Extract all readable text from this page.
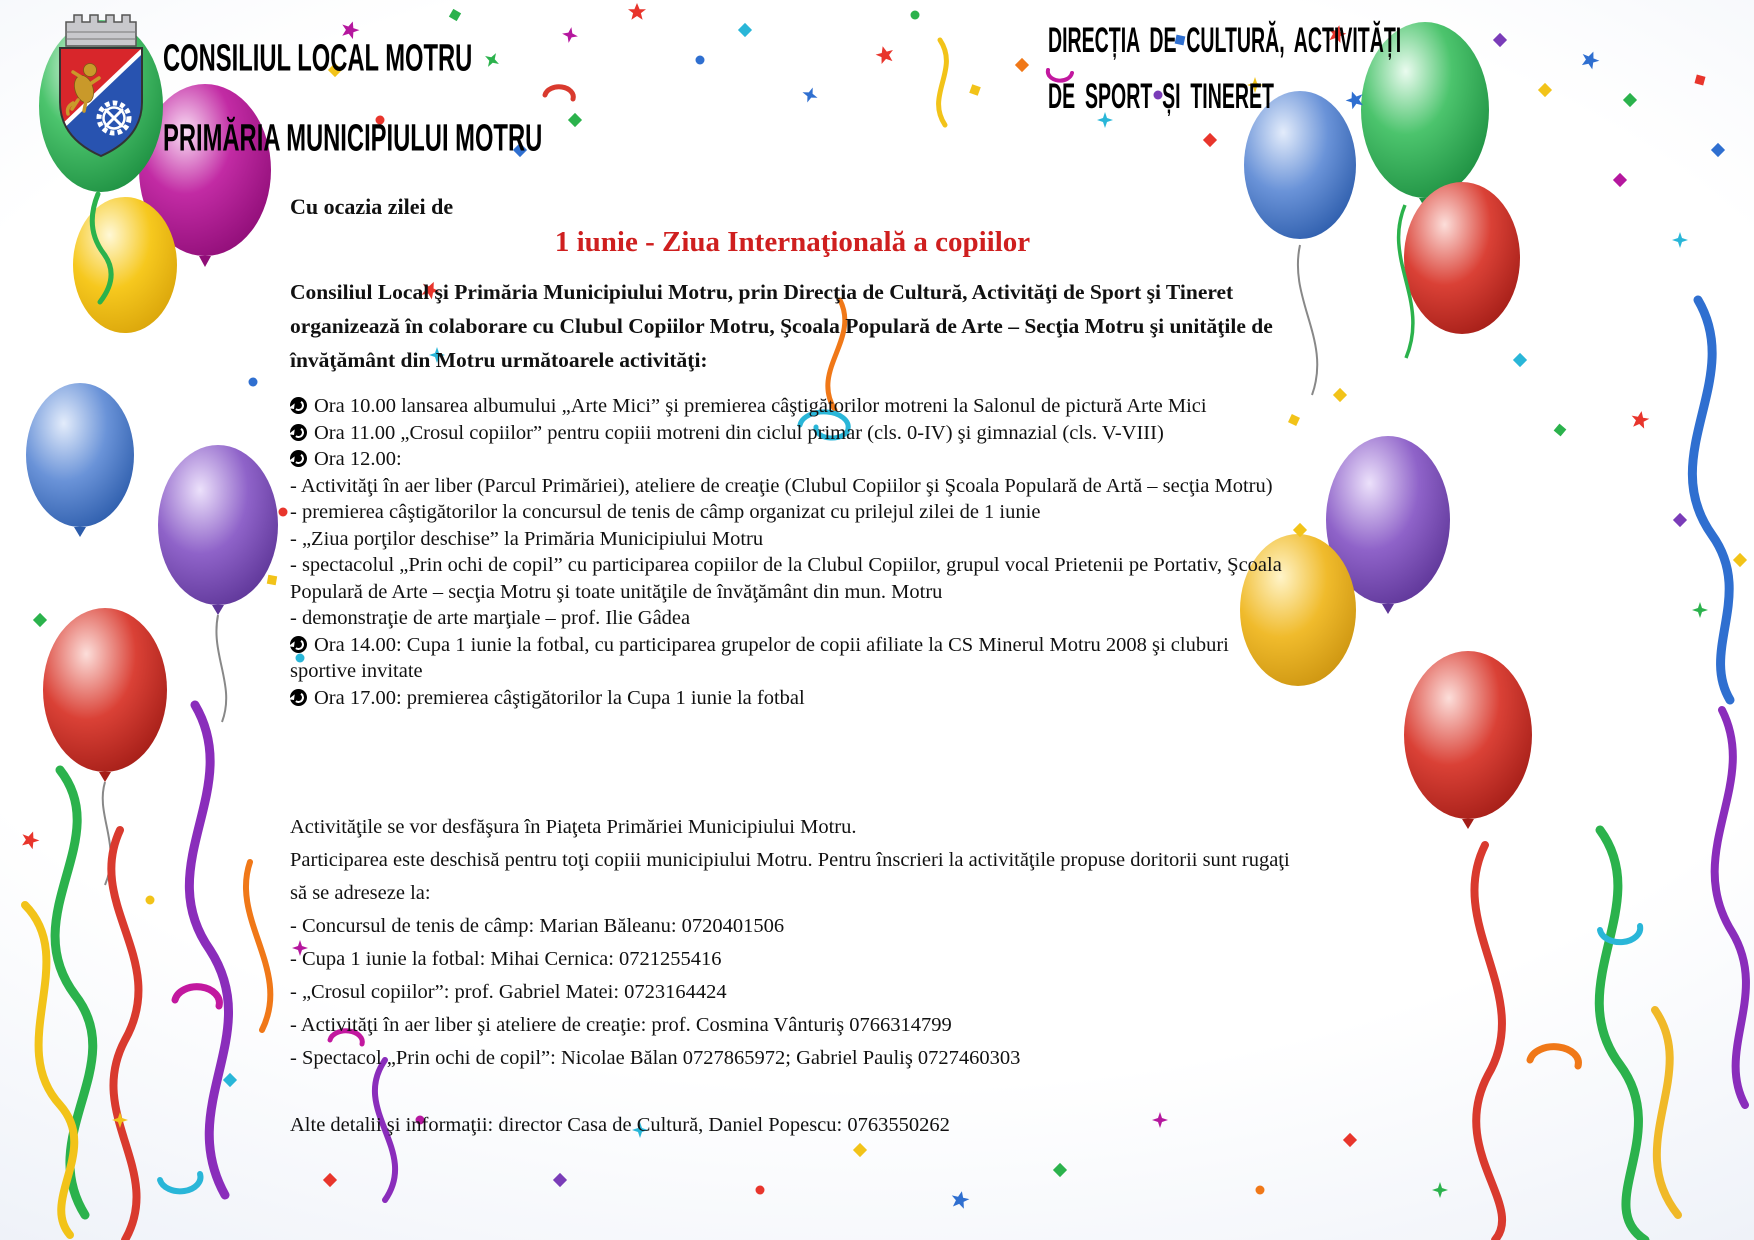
CONSILIUL LOCAL MOTRU
PRIMĂRIA MUNICIPIULUI MOTRU
DIRECȚIA DE CULTURĂ, ACTIVITĂȚI
DE SPORT ȘI TINERET

Cu ocazia zilei de

1 iunie - Ziua Internaţională a copiilor

Consiliul Local şi Primăria Municipiului Motru, prin Direcţia de Cultură, Activităţi de Sport şi Tineret organizează în colaborare cu Clubul Copiilor Motru, Şcoala Populară de Arte – Secţia Motru şi unităţile de învăţământ din Motru următoarele activităţi:

Ora 10.00 lansarea albumului „Arte Mici” şi premierea câştigătorilor motreni la Salonul de pictură Arte Mici
Ora 11.00 „Crosul copiilor” pentru copiii motreni din ciclul primar (cls. 0-IV) şi gimnazial (cls. V-VIII)
Ora 12.00:
- Activităţi în aer liber (Parcul Primăriei), ateliere de creaţie (Clubul Copiilor şi Şcoala Populară de Artă – secţia Motru)
- premierea câştigătorilor la concursul de tenis de câmp organizat cu prilejul zilei de 1 iunie
- „Ziua porţilor deschise” la Primăria Municipiului Motru
- spectacolul „Prin ochi de copil” cu participarea copiilor de la Clubul Copiilor, grupul vocal Prietenii pe Portativ, Şcoala Populară de Arte – secţia Motru şi toate unităţile de învăţământ din mun. Motru
- demonstraţie de arte marţiale – prof. Ilie Gâdea
Ora 14.00: Cupa 1 iunie la fotbal, cu participarea grupelor de copii afiliate la CS Minerul Motru 2008 şi cluburi sportive invitate
Ora 17.00: premierea câştigătorilor la Cupa 1 iunie la fotbal

Activităţile se vor desfăşura în Piaţeta Primăriei Municipiului Motru.

Participarea este deschisă pentru toţi copiii municipiului Motru. Pentru înscrieri la activităţile propuse doritorii sunt rugaţi să se adreseze la:

- Concursul de tenis de câmp: Marian Băleanu: 0720401506

- Cupa 1 iunie la fotbal: Mihai Cernica: 0721255416

- „Crosul copiilor”: prof. Gabriel Matei: 0723164424

- Activităţi în aer liber şi ateliere de creaţie: prof. Cosmina Vânturiş 0766314799

- Spectacol „Prin ochi de copil”: Nicolae Bălan 0727865972; Gabriel Pauliş 0727460303

Alte detalii şi informaţii: director Casa de Cultură, Daniel Popescu: 0763550262
